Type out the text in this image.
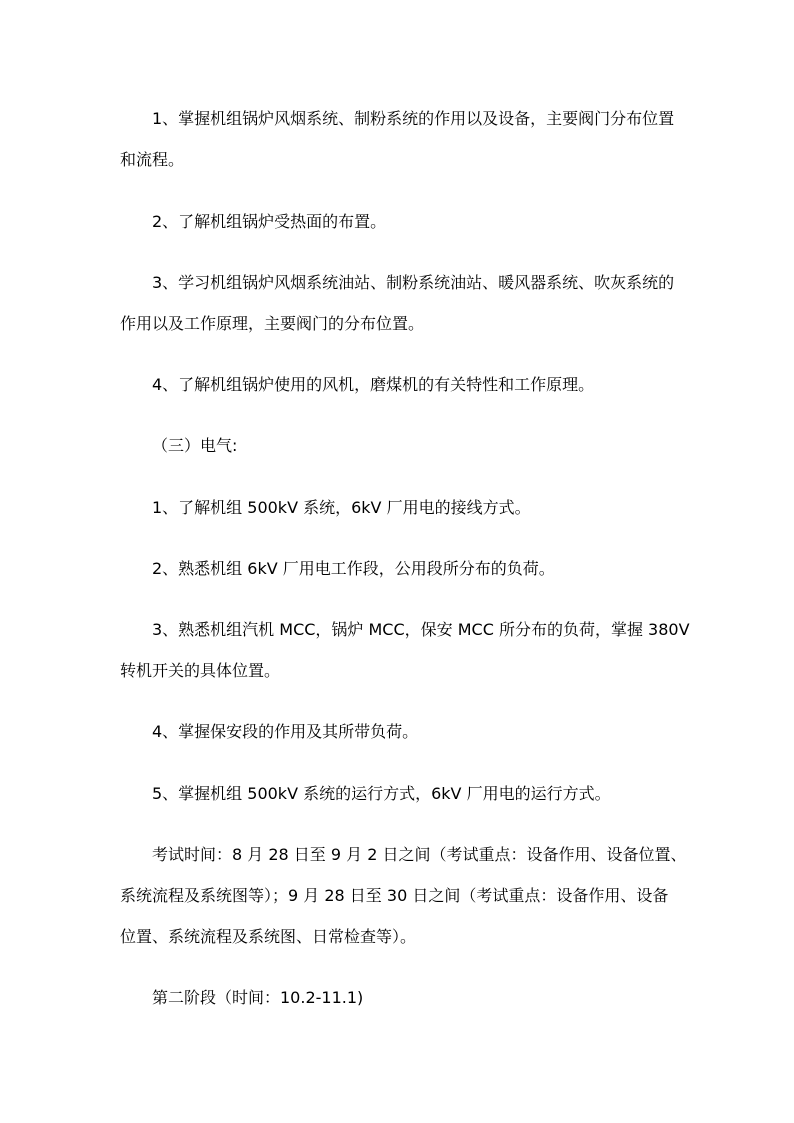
1、掌握机组锅炉风烟系统、制粉系统的作用以及设备，主要阀门分布位置
和流程。
2、了解机组锅炉受热面的布置。
3、学习机组锅炉风烟系统油站、制粉系统油站、暖风器系统、吹灰系统的
作用以及工作原理，主要阀门的分布位置。
4、了解机组锅炉使用的风机，磨煤机的有关特性和工作原理。
（三）电气:
1、了解机组 500kV 系统，6kV 厂用电的接线方式。
2、熟悉机组 6kV 厂用电工作段，公用段所分布的负荷。
3、熟悉机组汽机 MCC，锅炉 MCC，保安 MCC 所分布的负荷，掌握 380V
转机开关的具体位置。
4、掌握保安段的作用及其所带负荷。
5、掌握机组 500kV 系统的运行方式，6kV 厂用电的运行方式。
考试时间：8 月 28 日至 9 月 2 日之间（考试重点：设备作用、设备位置、
系统流程及系统图等）；9 月 28 日至 30 日之间（考试重点：设备作用、设备
位置、系统流程及系统图、日常检查等）。
第二阶段（时间：10.2-11.1)
